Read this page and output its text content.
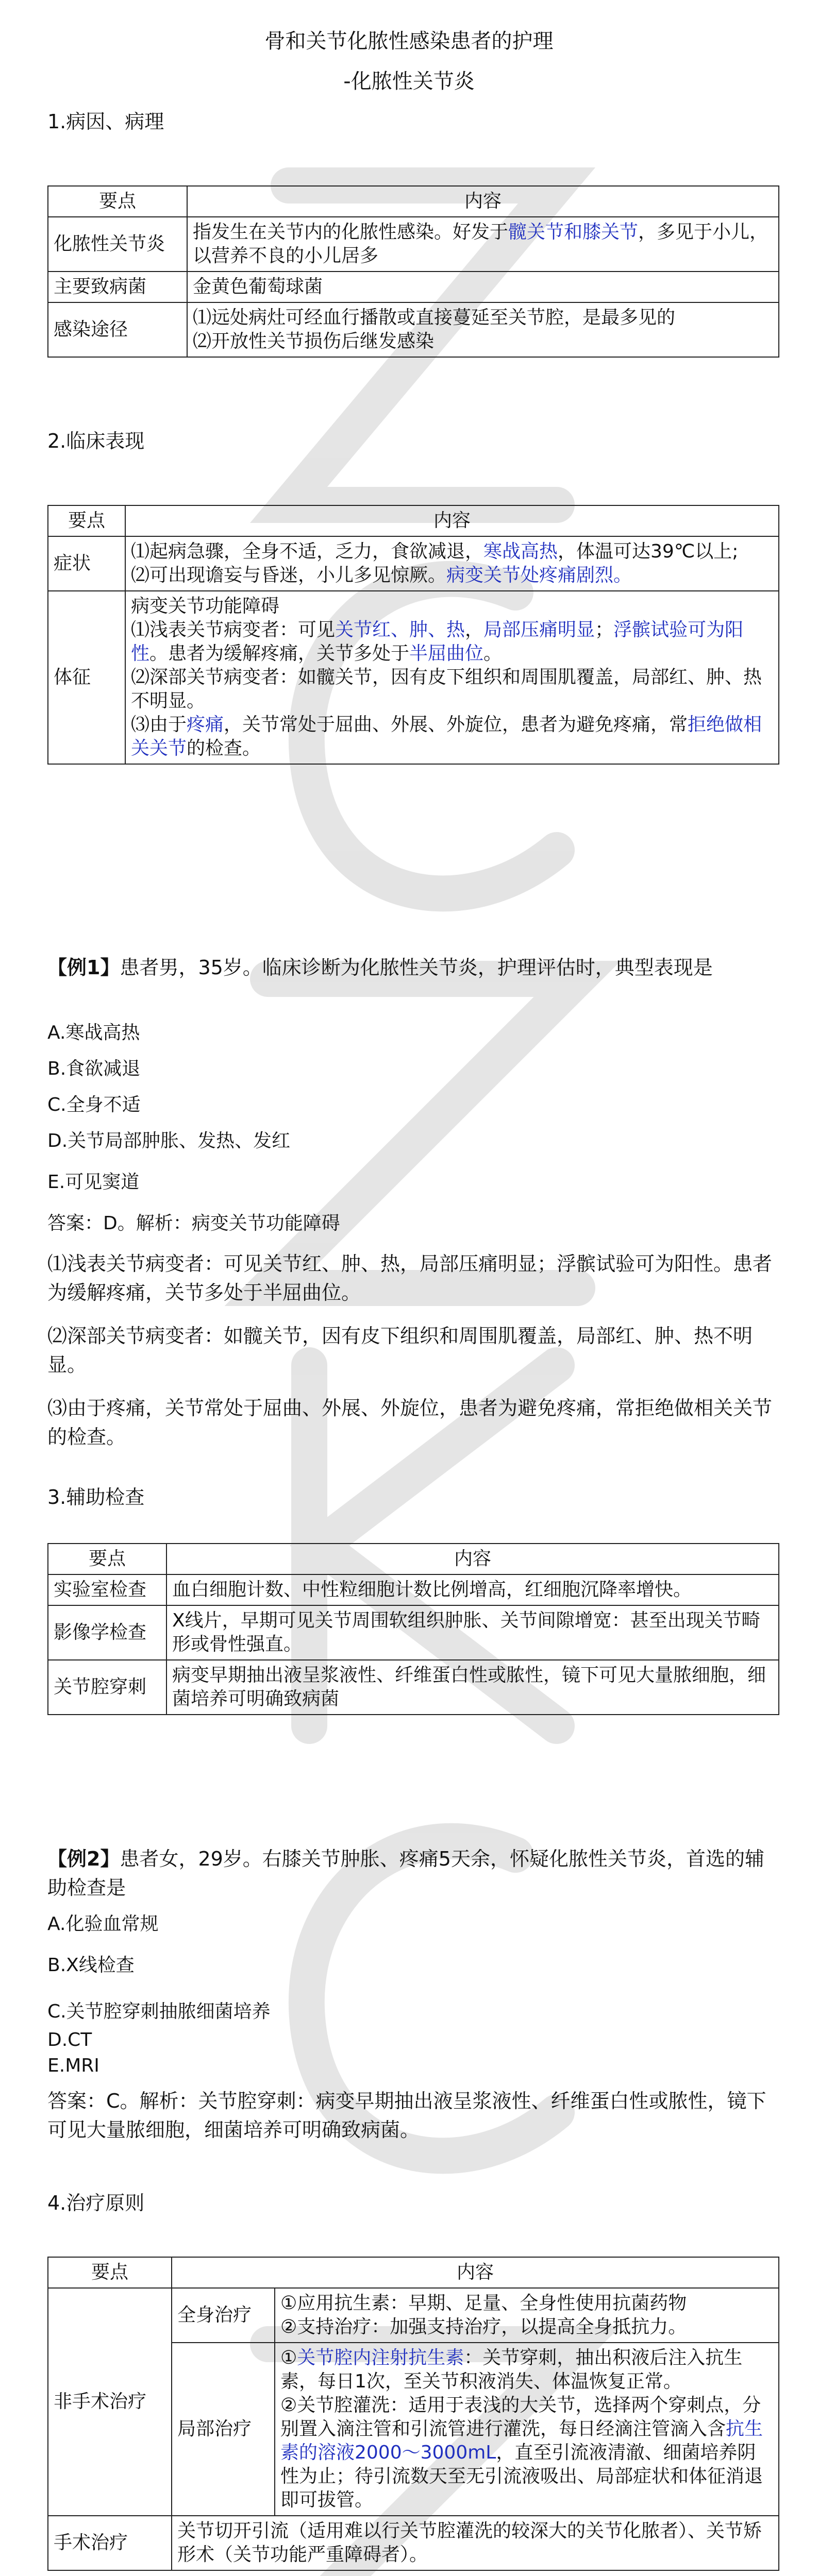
骨和关节化脓性感染患者的护理
-化脓性关节炎
1.病因、病理
要点	内容
化脓性关节炎	指发生在关节内的化脓性感染。好发于髋关节和膝关节，多见于小儿，以营养不良的小儿居多
主要致病菌	金黄色葡萄球菌
感染途径	⑴远处病灶可经血行播散或直接蔓延至关节腔，是最多见的
⑵开放性关节损伤后继发感染
2.临床表现
要点	内容
症状	⑴起病急骤，全身不适，乏力，食欲减退，寒战高热，体温可达39℃以上;
⑵可出现谵妄与昏迷，小儿多见惊厥。病变关节处疼痛剧烈。

体征	病变关节功能障碍
⑴浅表关节病变者：可见关节红、肿、热，局部压痛明显；浮髌试验可为阳性。患者为缓解疼痛，关节多处于半屈曲位。
⑵深部关节病变者：如髋关节，因有皮下组织和周围肌覆盖，局部红、肿、热不明显。
⑶由于疼痛，关节常处于屈曲、外展、外旋位，患者为避免疼痛，常拒绝做相关关节的检查。

【例1】患者男，35岁。临床诊断为化脓性关节炎，护理评估时，典型表现是

A.寒战高热

B.食欲减退

C.全身不适

D.关节局部肿胀、发热、发红

E.可见窦道

答案：D。解析：病变关节功能障碍

⑴浅表关节病变者：可见关节红、肿、热，局部压痛明显；浮髌试验可为阳性。患者为缓解疼痛，关节多处于半屈曲位。

⑵深部关节病变者：如髋关节，因有皮下组织和周围肌覆盖，局部红、肿、热不明显。

⑶由于疼痛，关节常处于屈曲、外展、外旋位，患者为避免疼痛，常拒绝做相关关节的检查。

3.辅助检查
要点	内容
实验室检查	血白细胞计数、中性粒细胞计数比例增高，红细胞沉降率增快。
影像学检查	X线片，早期可见关节周围软组织肿胀、关节间隙增宽：甚至出现关节畸形或骨性强直。
关节腔穿刺	病变早期抽出液呈浆液性、纤维蛋白性或脓性，镜下可见大量脓细胞，细菌培养可明确致病菌

【例2】患者女，29岁。右膝关节肿胀、疼痛5天余，怀疑化脓性关节炎，首选的辅助检查是

A.化验血常规

B.X线检查

C.关节腔穿刺抽脓细菌培养

D.CT

E.MRI

答案：C。解析：关节腔穿刺：病变早期抽出液呈浆液性、纤维蛋白性或脓性，镜下可见大量脓细胞，细菌培养可明确致病菌。

4.治疗原则
要点	内容	
非手术治疗	全身治疗	①应用抗生素：早期、足量、全身性使用抗菌药物
②支持治疗：加强支持治疗，以提高全身抵抗力。

	局部治疗	①关节腔内注射抗生素：关节穿刺，抽出积液后注入抗生素，每日1次，至关节积液消失、体温恢复正常。
②关节腔灌洗：适用于表浅的大关节，选择两个穿刺点，分别置入滴注管和引流管进行灌洗，每日经滴注管滴入含抗生素的溶液2000～3000mL，直至引流液清澈、细菌培养阴性为止；待引流数天至无引流液吸出、局部症状和体征消退即可拔管。

手术治疗	关节切开引流（适用难以行关节腔灌洗的较深大的关节化脓者）、关节矫形术（关节功能严重障碍者）。	
